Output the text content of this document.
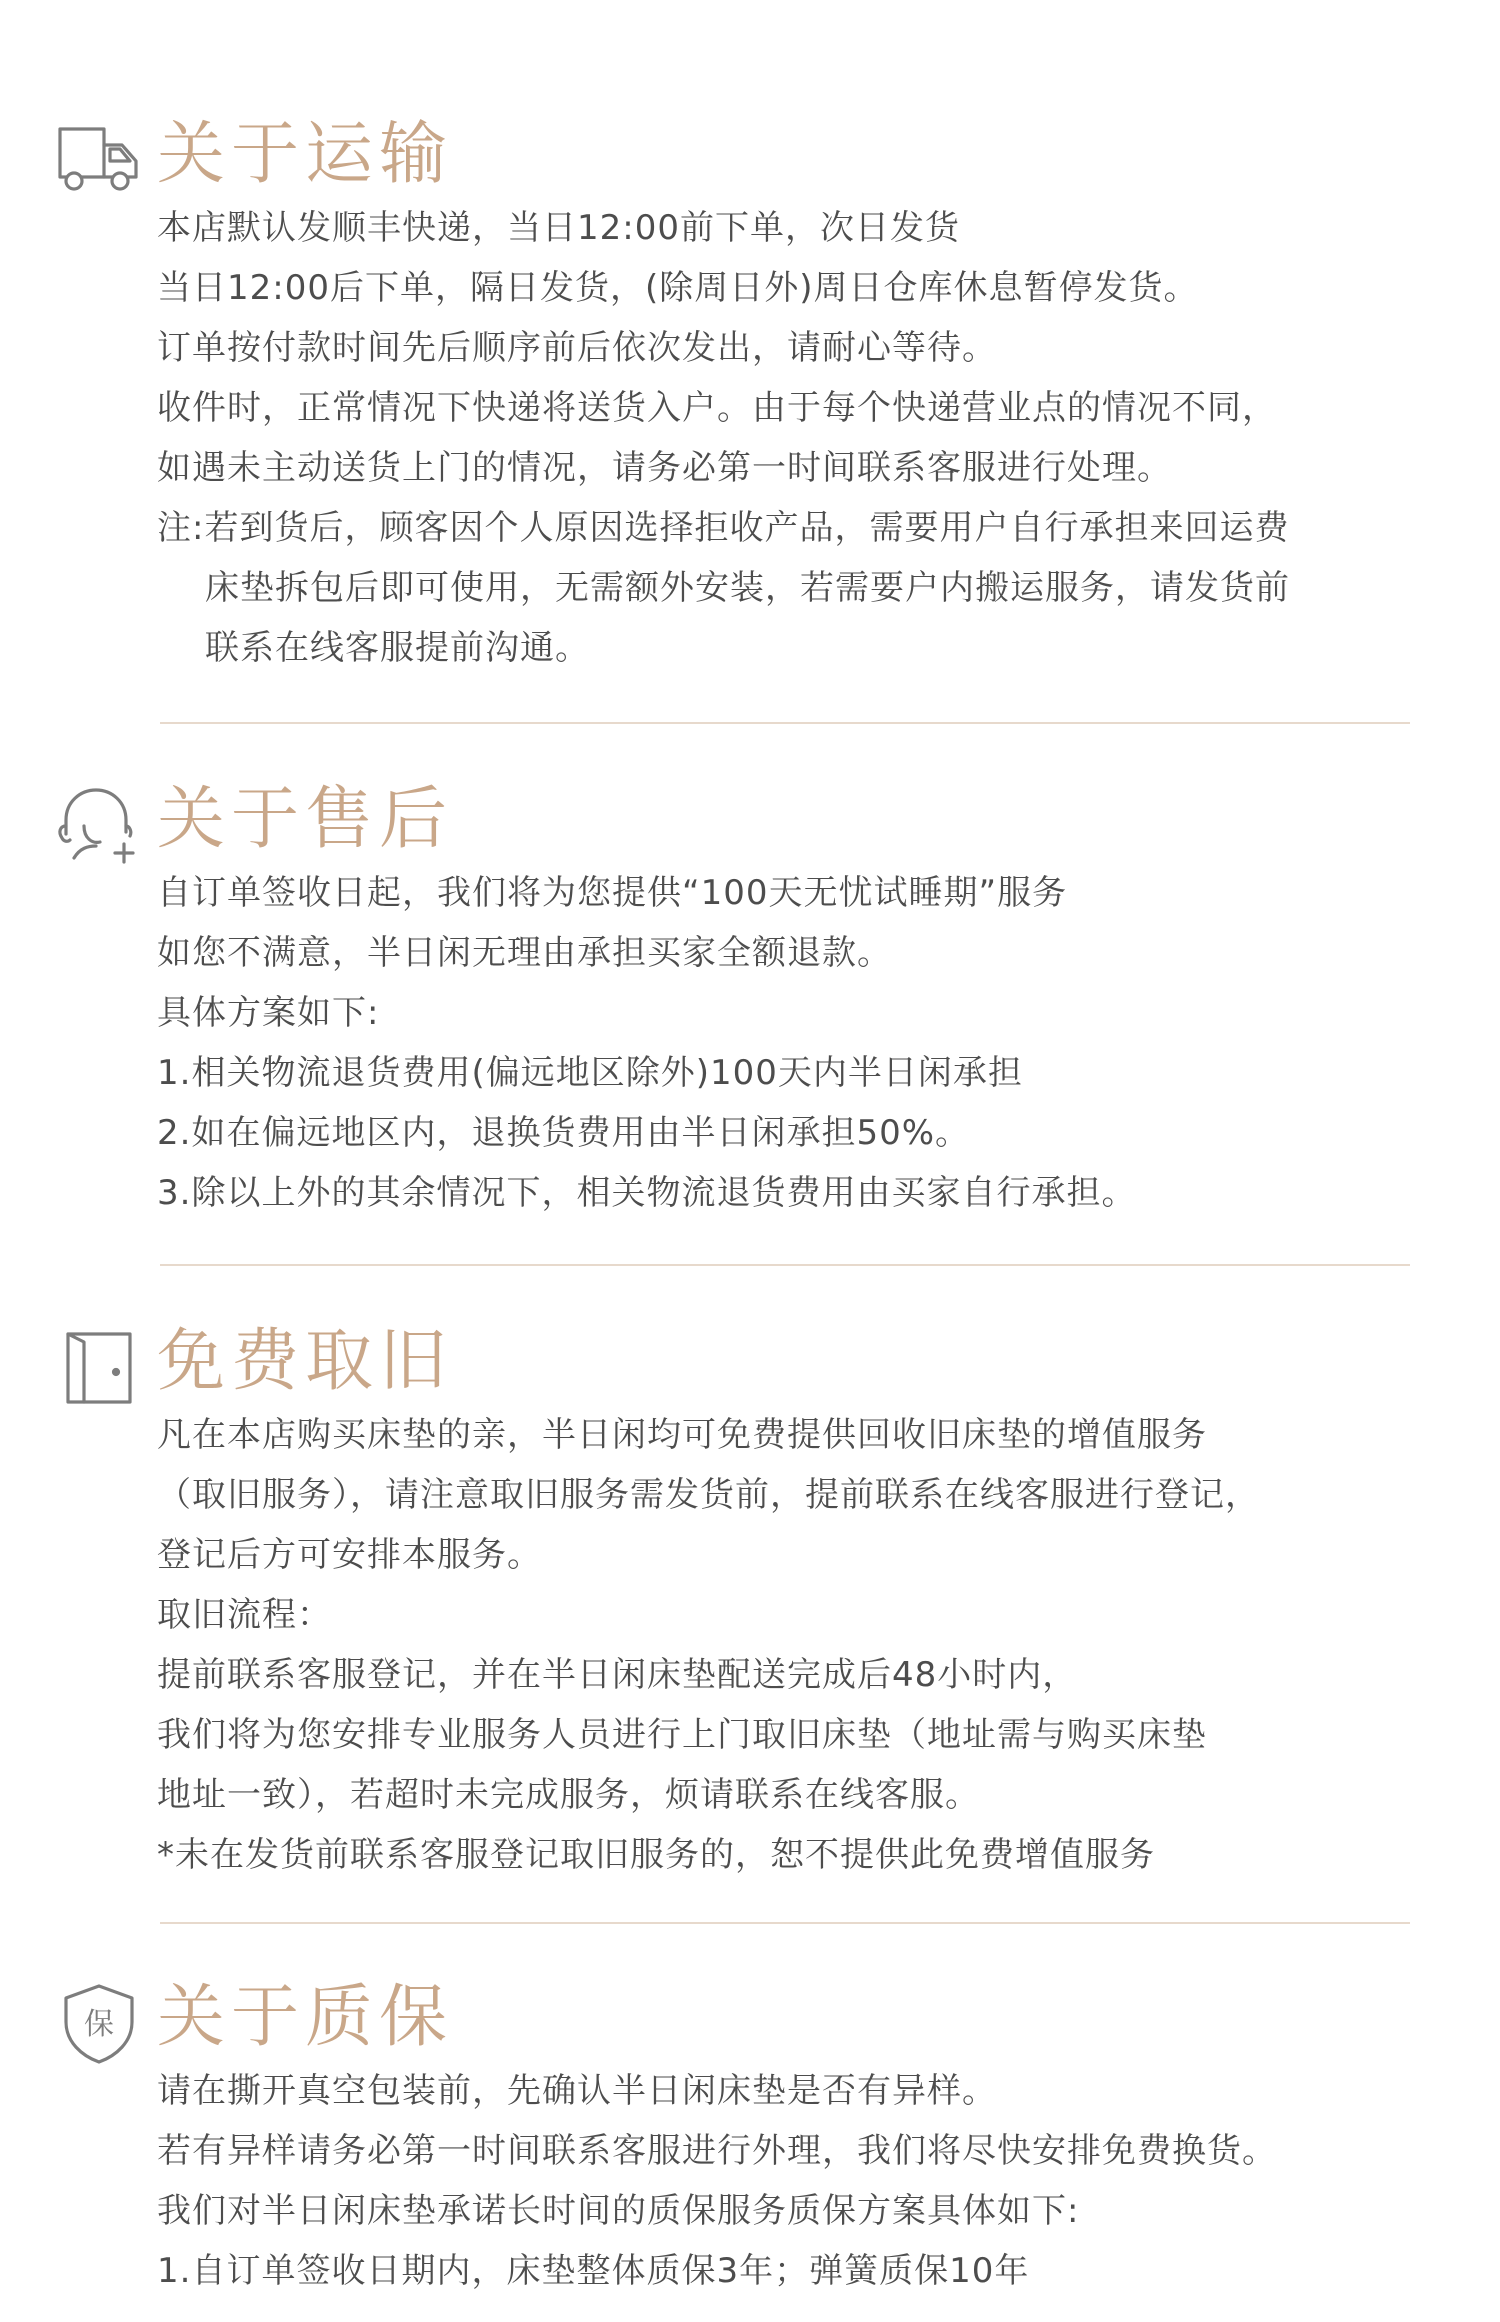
关于运输

本店默认发顺丰快递，当日12:00前下单，次日发货

当日12:00后下单，隔日发货，(除周日外)周日仓库休息暂停发货。

订单按付款时间先后顺序前后依次发出，请耐心等待。

收件时，正常情况下快递将送货入户。由于每个快递营业点的情况不同，

如遇未主动送货上门的情况，请务必第一时间联系客服进行处理。

注:若到货后，顾客因个人原因选择拒收产品，需要用户自行承担来回运费

床垫拆包后即可使用，无需额外安装，若需要户内搬运服务，请发货前

联系在线客服提前沟通。

关于售后

自订单签收日起，我们将为您提供“100天无忧试睡期”服务

如您不满意，半日闲无理由承担买家全额退款。

具体方案如下:

1.相关物流退货费用(偏远地区除外)100天内半日闲承担

2.如在偏远地区内，退换货费用由半日闲承担50%。

3.除以上外的其余情况下，相关物流退货费用由买家自行承担。

免费取旧

凡在本店购买床垫的亲，半日闲均可免费提供回收旧床垫的增值服务

（取旧服务），请注意取旧服务需发货前，提前联系在线客服进行登记，

登记后方可安排本服务。

取旧流程：

提前联系客服登记，并在半日闲床垫配送完成后48小时内，

我们将为您安排专业服务人员进行上门取旧床垫（地址需与购买床垫

地址一致），若超时未完成服务，烦请联系在线客服。

*未在发货前联系客服登记取旧服务的，恕不提供此免费增值服务

保 关于质保

请在撕开真空包装前，先确认半日闲床垫是否有异样。

若有异样请务必第一时间联系客服进行外理，我们将尽快安排免费换货。

我们对半日闲床垫承诺长时间的质保服务质保方案具体如下:

1.自订单签收日期内，床垫整体质保3年；弹簧质保10年
